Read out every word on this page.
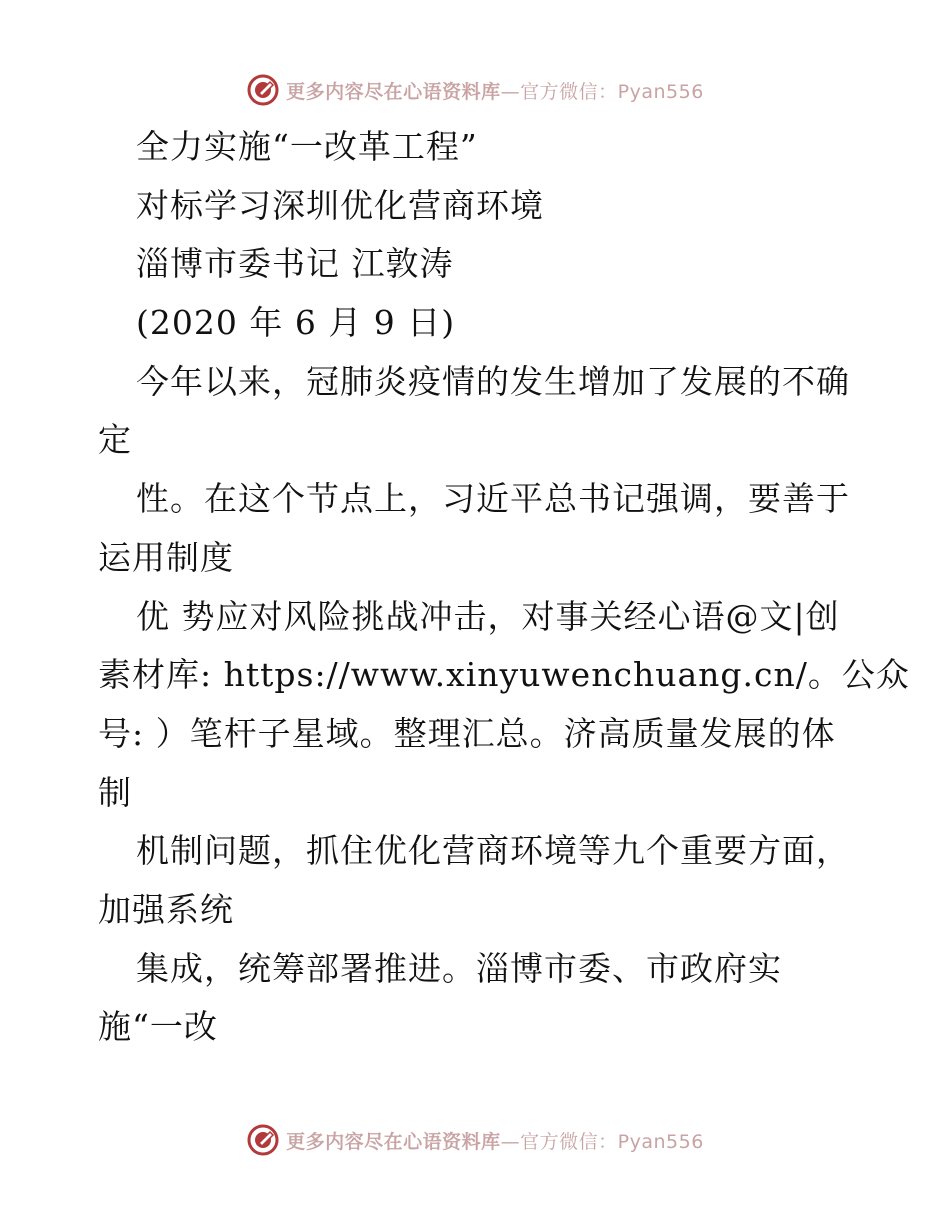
更多内容尽在心语资料库—官方微信：Pyan556
全力实施“一改革工程”
对标学习深圳优化营商环境
淄博市委书记 江敦涛
(2020 年 6 月 9 日)
今年以来，冠肺炎疫情的发生增加了发展的不确
定
性。在这个节点上，习近平总书记强调，要善于
运用制度
优 势应对风险挑战冲击，对事关经心语@文|创
素材库: https://www.xinyuwenchuang.cn/。公众
号: ）笔杆子星域。整理汇总。济高质量发展的体
制
机制问题，抓住优化营商环境等九个重要方面，
加强系统
集成，统筹部署推进。淄博市委、市政府实
施“一改
更多内容尽在心语资料库—官方微信：Pyan556
